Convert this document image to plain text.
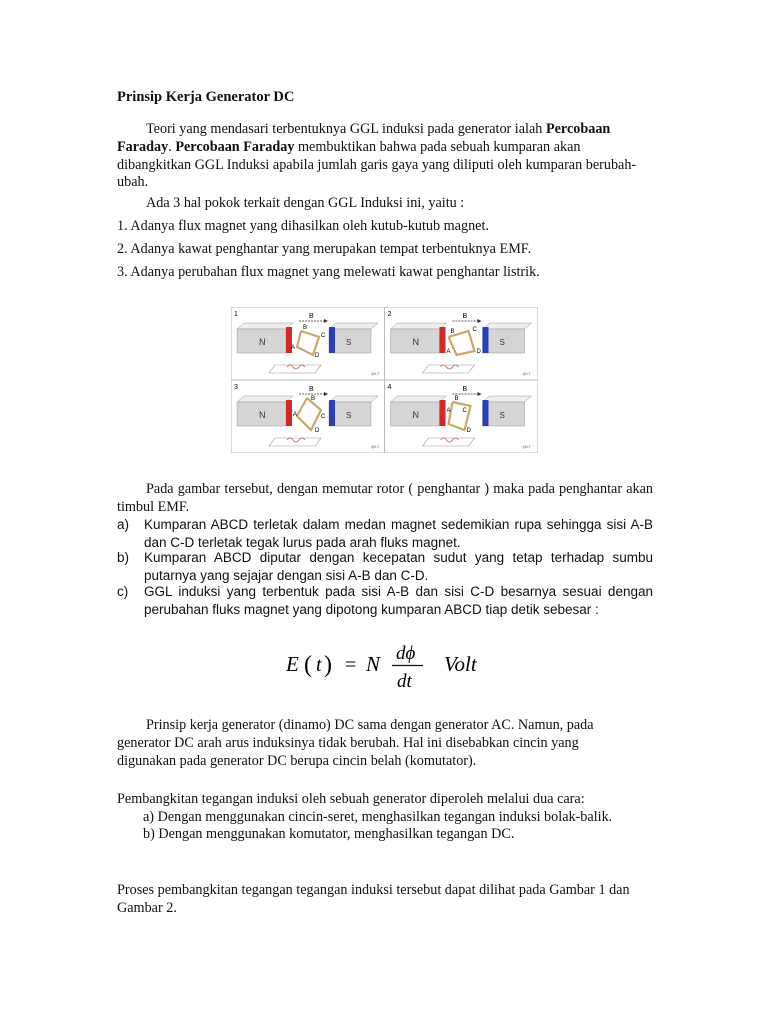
Prinsip Kerja Generator DC
Teori yang mendasari terbentuknya GGL induksi pada generator ialah Percobaan Faraday. Percobaan Faraday membuktikan bahwa pada sebuah kumparan akan dibangkitkan GGL Induksi apabila jumlah garis gaya yang diliputi oleh kumparan berubah-ubah.
Ada 3 hal pokok terkait dengan GGL Induksi ini, yaitu :
1. Adanya flux magnet yang dihasilkan oleh kutub-kutub magnet.
2. Adanya kawat penghantar yang merupakan tempat terbentuknya EMF.
3. Adanya perubahan flux magnet yang melewati kawat penghantar listrik.
1
N	S
B
A
B
C
D
@LT
2
N	S
B
A
B	C
D
@LT
3
N	S
B
A
B
C
D
@LT
4
N	S
B
A
B
C
D
@LT
Pada gambar tersebut, dengan memutar rotor ( penghantar ) maka pada penghantar akan timbul EMF.
a) Kumparan ABCD terletak dalam medan magnet sedemikian rupa sehingga sisi A-B dan C-D terletak tegak lurus pada arah fluks magnet.
b) Kumparan ABCD diputar dengan kecepatan sudut yang tetap terhadap sumbu putarnya yang sejajar dengan sisi A-B dan C-D.
c) GGL induksi yang terbentuk pada sisi A-B dan sisi C-D besarnya sesuai dengan perubahan fluks magnet yang dipotong kumparan ABCD tiap detik sebesar :
E ( t ) = N dϕ
dt
Volt
Prinsip kerja generator (dinamo) DC sama dengan generator AC. Namun, pada generator DC arah arus induksinya tidak berubah. Hal ini disebabkan cincin yang digunakan pada generator DC berupa cincin belah (komutator).
Pembangkitan tegangan induksi oleh sebuah generator diperoleh melalui dua cara:
a) Dengan menggunakan cincin-seret, menghasilkan tegangan induksi bolak-balik.
b) Dengan menggunakan komutator, menghasilkan tegangan DC.
Proses pembangkitan tegangan tegangan induksi tersebut dapat dilihat pada Gambar 1 dan Gambar 2.
